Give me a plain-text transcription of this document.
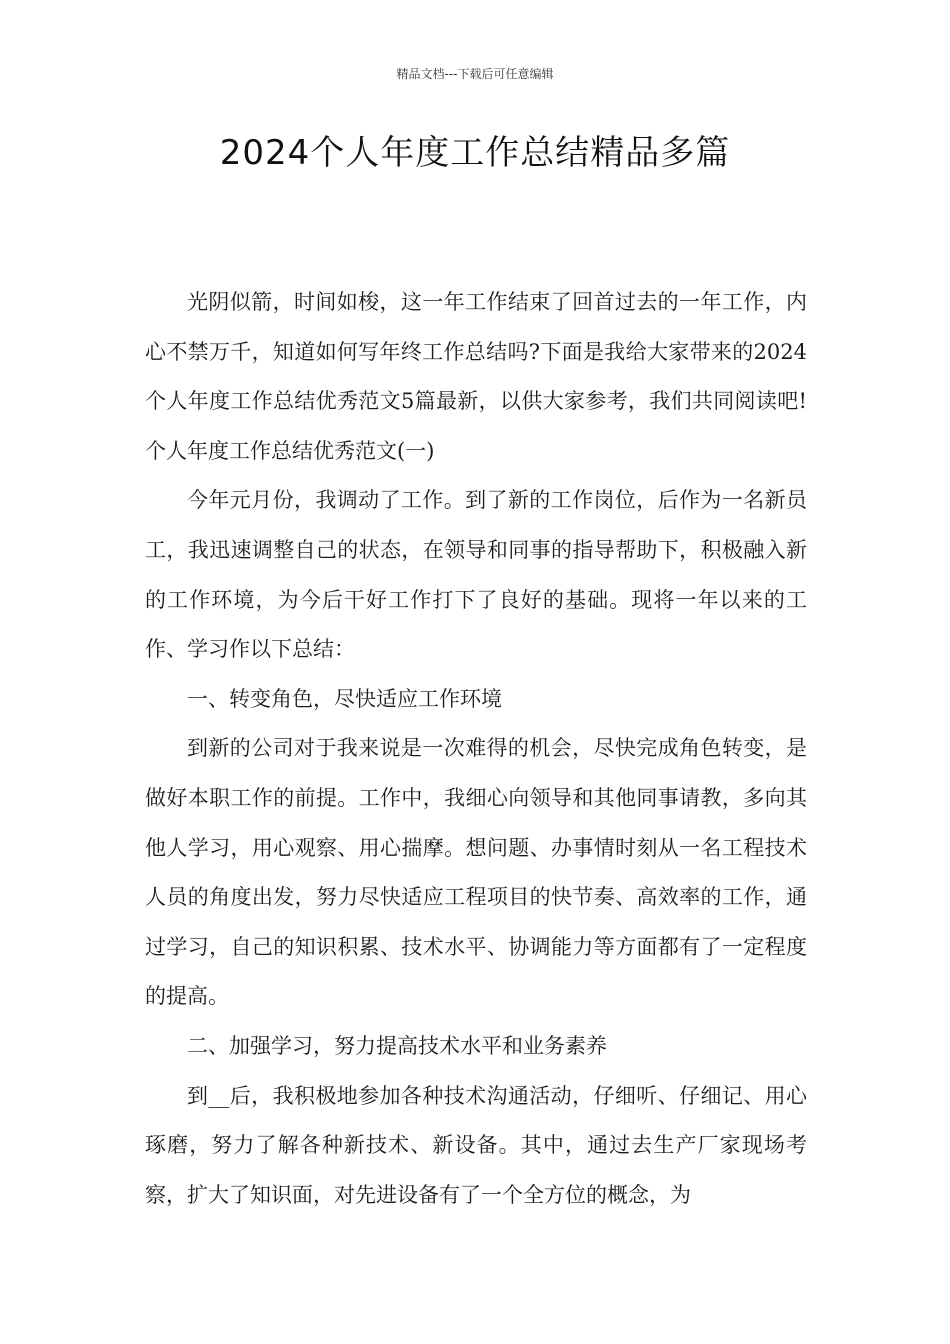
精品文档---下载后可任意编辑
2024个人年度工作总结精品多篇

光阴似箭，时间如梭，这一年工作结束了回首过去的一年工作，内心不禁万千，知道如何写年终工作总结吗?下面是我给大家带来的2024个人年度工作总结优秀范文5篇最新，以供大家参考，我们共同阅读吧!个人年度工作总结优秀范文(一)

今年元月份，我调动了工作。到了新的工作岗位，后作为一名新员工，我迅速调整自己的状态，在领导和同事的指导帮助下，积极融入新的工作环境，为今后干好工作打下了良好的基础。现将一年以来的工作、学习作以下总结：

一、转变角色，尽快适应工作环境

到新的公司对于我来说是一次难得的机会，尽快完成角色转变，是做好本职工作的前提。工作中，我细心向领导和其他同事请教，多向其他人学习，用心观察、用心揣摩。想问题、办事情时刻从一名工程技术人员的角度出发，努力尽快适应工程项目的快节奏、高效率的工作，通过学习，自己的知识积累、技术水平、协调能力等方面都有了一定程度的提高。

二、加强学习，努力提高技术水平和业务素养

到__后，我积极地参加各种技术沟通活动，仔细听、仔细记、用心琢磨，努力了解各种新技术、新设备。其中，通过去生产厂家现场考察，扩大了知识面，对先进设备有了一个全方位的概念，为
